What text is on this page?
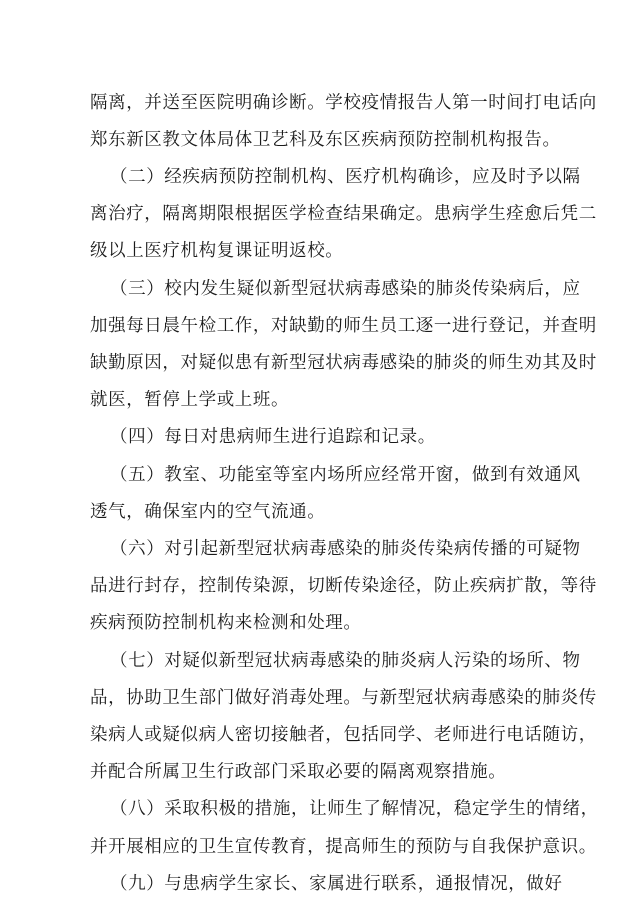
隔离，并送至医院明确诊断。学校疫情报告人第一时间打电话向
郑东新区教文体局体卫艺科及东区疾病预防控制机构报告。
（二）经疾病预防控制机构、医疗机构确诊，应及时予以隔
离治疗，隔离期限根据医学检查结果确定。患病学生痊愈后凭二
级以上医疗机构复课证明返校。
（三）校内发生疑似新型冠状病毒感染的肺炎传染病后，应
加强每日晨午检工作，对缺勤的师生员工逐一进行登记，并查明
缺勤原因，对疑似患有新型冠状病毒感染的肺炎的师生劝其及时
就医，暂停上学或上班。
（四）每日对患病师生进行追踪和记录。
（五）教室、功能室等室内场所应经常开窗，做到有效通风
透气，确保室内的空气流通。
（六）对引起新型冠状病毒感染的肺炎传染病传播的可疑物
品进行封存，控制传染源，切断传染途径，防止疾病扩散，等待
疾病预防控制机构来检测和处理。
（七）对疑似新型冠状病毒感染的肺炎病人污染的场所、物
品，协助卫生部门做好消毒处理。与新型冠状病毒感染的肺炎传
染病人或疑似病人密切接触者，包括同学、老师进行电话随访，
并配合所属卫生行政部门采取必要的隔离观察措施。
（八）采取积极的措施，让师生了解情况，稳定学生的情绪，
并开展相应的卫生宣传教育，提高师生的预防与自我保护意识。
（九）与患病学生家长、家属进行联系，通报情况，做好
